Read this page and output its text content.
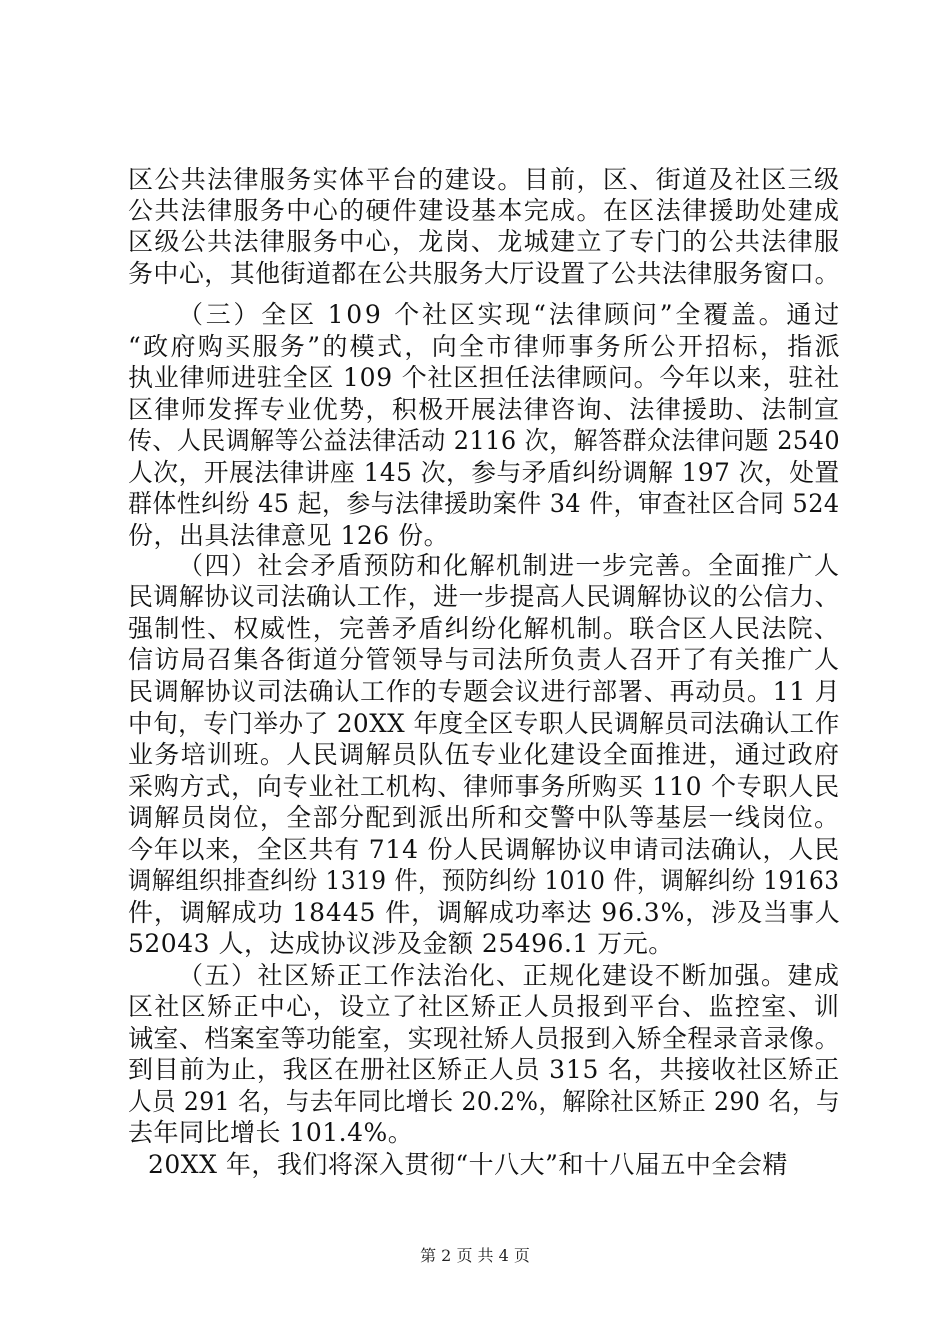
区公共法律服务实体平台的建设。目前，区、街道及社区三级
公共法律服务中心的硬件建设基本完成。在区法律援助处建成
区级公共法律服务中心，龙岗、龙城建立了专门的公共法律服
务中心，其他街道都在公共服务大厅设置了公共法律服务窗口。
（三）全区 109 个社区实现“法律顾问”全覆盖。通过
“政府购买服务”的模式，向全市律师事务所公开招标，指派
执业律师进驻全区 109 个社区担任法律顾问。今年以来，驻社
区律师发挥专业优势，积极开展法律咨询、法律援助、法制宣
传、人民调解等公益法律活动 2116 次，解答群众法律问题 2540
人次，开展法律讲座 145 次，参与矛盾纠纷调解 197 次，处置
群体性纠纷 45 起，参与法律援助案件 34 件，审查社区合同 524
份，出具法律意见 126 份。
（四）社会矛盾预防和化解机制进一步完善。全面推广人
民调解协议司法确认工作，进一步提高人民调解协议的公信力、
强制性、权威性，完善矛盾纠纷化解机制。联合区人民法院、
信访局召集各街道分管领导与司法所负责人召开了有关推广人
民调解协议司法确认工作的专题会议进行部署、再动员。11 月
中旬，专门举办了 20XX 年度全区专职人民调解员司法确认工作
业务培训班。人民调解员队伍专业化建设全面推进，通过政府
采购方式，向专业社工机构、律师事务所购买 110 个专职人民
调解员岗位，全部分配到派出所和交警中队等基层一线岗位。
今年以来，全区共有 714 份人民调解协议申请司法确认，人民
调解组织排查纠纷 1319 件，预防纠纷 1010 件，调解纠纷 19163
件，调解成功 18445 件，调解成功率达 96.3%，涉及当事人
52043 人，达成协议涉及金额 25496.1 万元。
（五）社区矫正工作法治化、正规化建设不断加强。建成
区社区矫正中心，设立了社区矫正人员报到平台、监控室、训
诫室、档案室等功能室，实现社矫人员报到入矫全程录音录像。
到目前为止，我区在册社区矫正人员 315 名，共接收社区矫正
人员 291 名，与去年同比增长 20.2%，解除社区矫正 290 名，与
去年同比增长 101.4%。
20XX 年，我们将深入贯彻“十八大”和十八届五中全会精
第 2 页 共 4 页
